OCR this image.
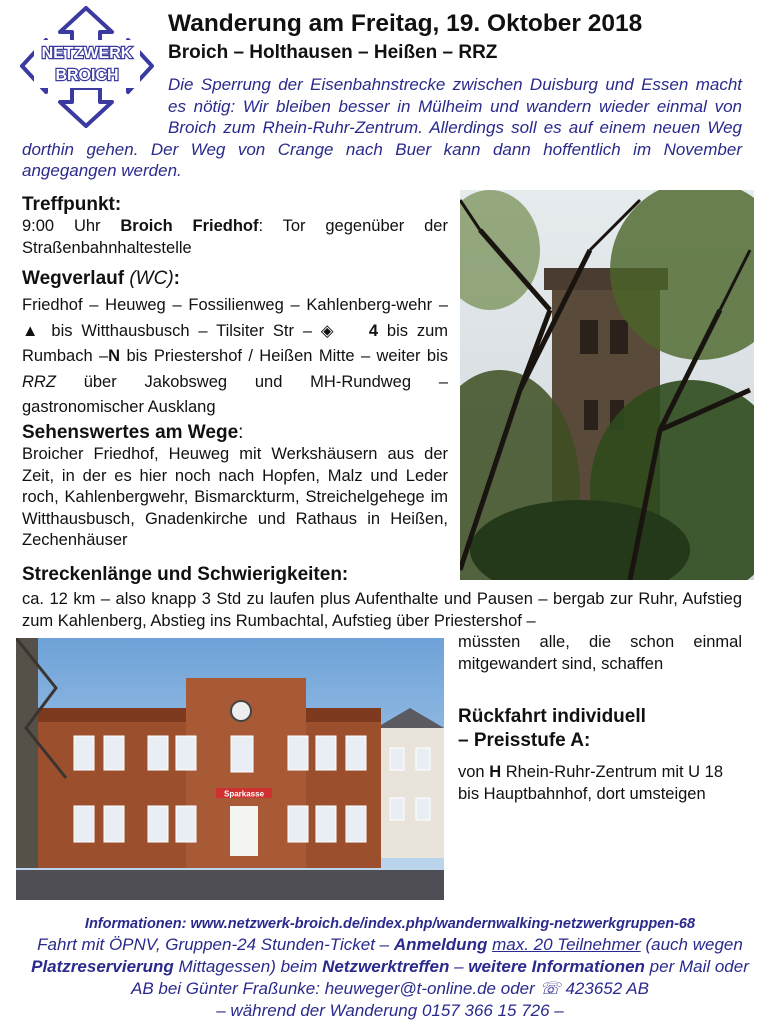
NETZWERK
BROICH
Wanderung am Freitag, 19. Oktober 2018
Broich – Holthausen – Heißen – RRZ
Die Sperrung der Eisenbahnstrecke zwischen Duisburg und Essen macht es nötig: Wir bleiben besser in Mülheim und wandern wieder einmal von Broich zum Rhein-Ruhr-Zentrum. Allerdings soll es auf einem neuen Weg dorthin gehen. Der Weg von Crange nach Buer kann dann hoffentlich im November angegangen werden.
Treffpunkt:
9:00 Uhr Broich Friedhof: Tor gegenüber der Straßenbahnhaltestelle
Wegverlauf (WC):
Friedhof – Heuweg – Fossilienweg – Kahlenberg-wehr – ▲ bis Witthausbusch – Tilsiter Str – ◈ 4 bis zum Rumbach –N bis Priestershof / Heißen Mitte – weiter bis RRZ über Jakobsweg und MH-Rundweg – gastronomischer Ausklang
Sehenswertes am Wege:
Broicher Friedhof, Heuweg mit Werkshäusern aus der Zeit, in der es hier noch nach Hopfen, Malz und Leder roch, Kahlenbergwehr, Bismarckturm, Streichelgehege im Witthausbusch, Gnadenkirche und Rathaus in Heißen, Zechenhäuser
Streckenlänge und Schwierigkeiten:
ca. 12 km – also knapp 3 Std zu laufen plus Aufenthalte und Pausen – bergab zur Ruhr, Aufstieg zum Kahlenberg, Abstieg ins Rumbachtal, Aufstieg über Priestershof –
müssten alle, die schon einmal mitgewandert sind, schaffen
Rückfahrt individuell
– Preisstufe A:
von H Rhein-Ruhr-Zentrum mit U 18 bis Hauptbahnhof, dort umsteigen
Sparkasse
Informationen: www.netzwerk-broich.de/index.php/wandernwalking-netzwerkgruppen-68
Fahrt mit ÖPNV, Gruppen-24 Stunden-Ticket – Anmeldung max. 20 Teilnehmer (auch wegen Platzreservierung Mittagessen) beim Netzwerktreffen – weitere Informationen per Mail oder AB bei Günter Fraßunke: heuweger@t-online.de oder ☏ 423652 AB
– während der Wanderung 0157 366 15 726 –
